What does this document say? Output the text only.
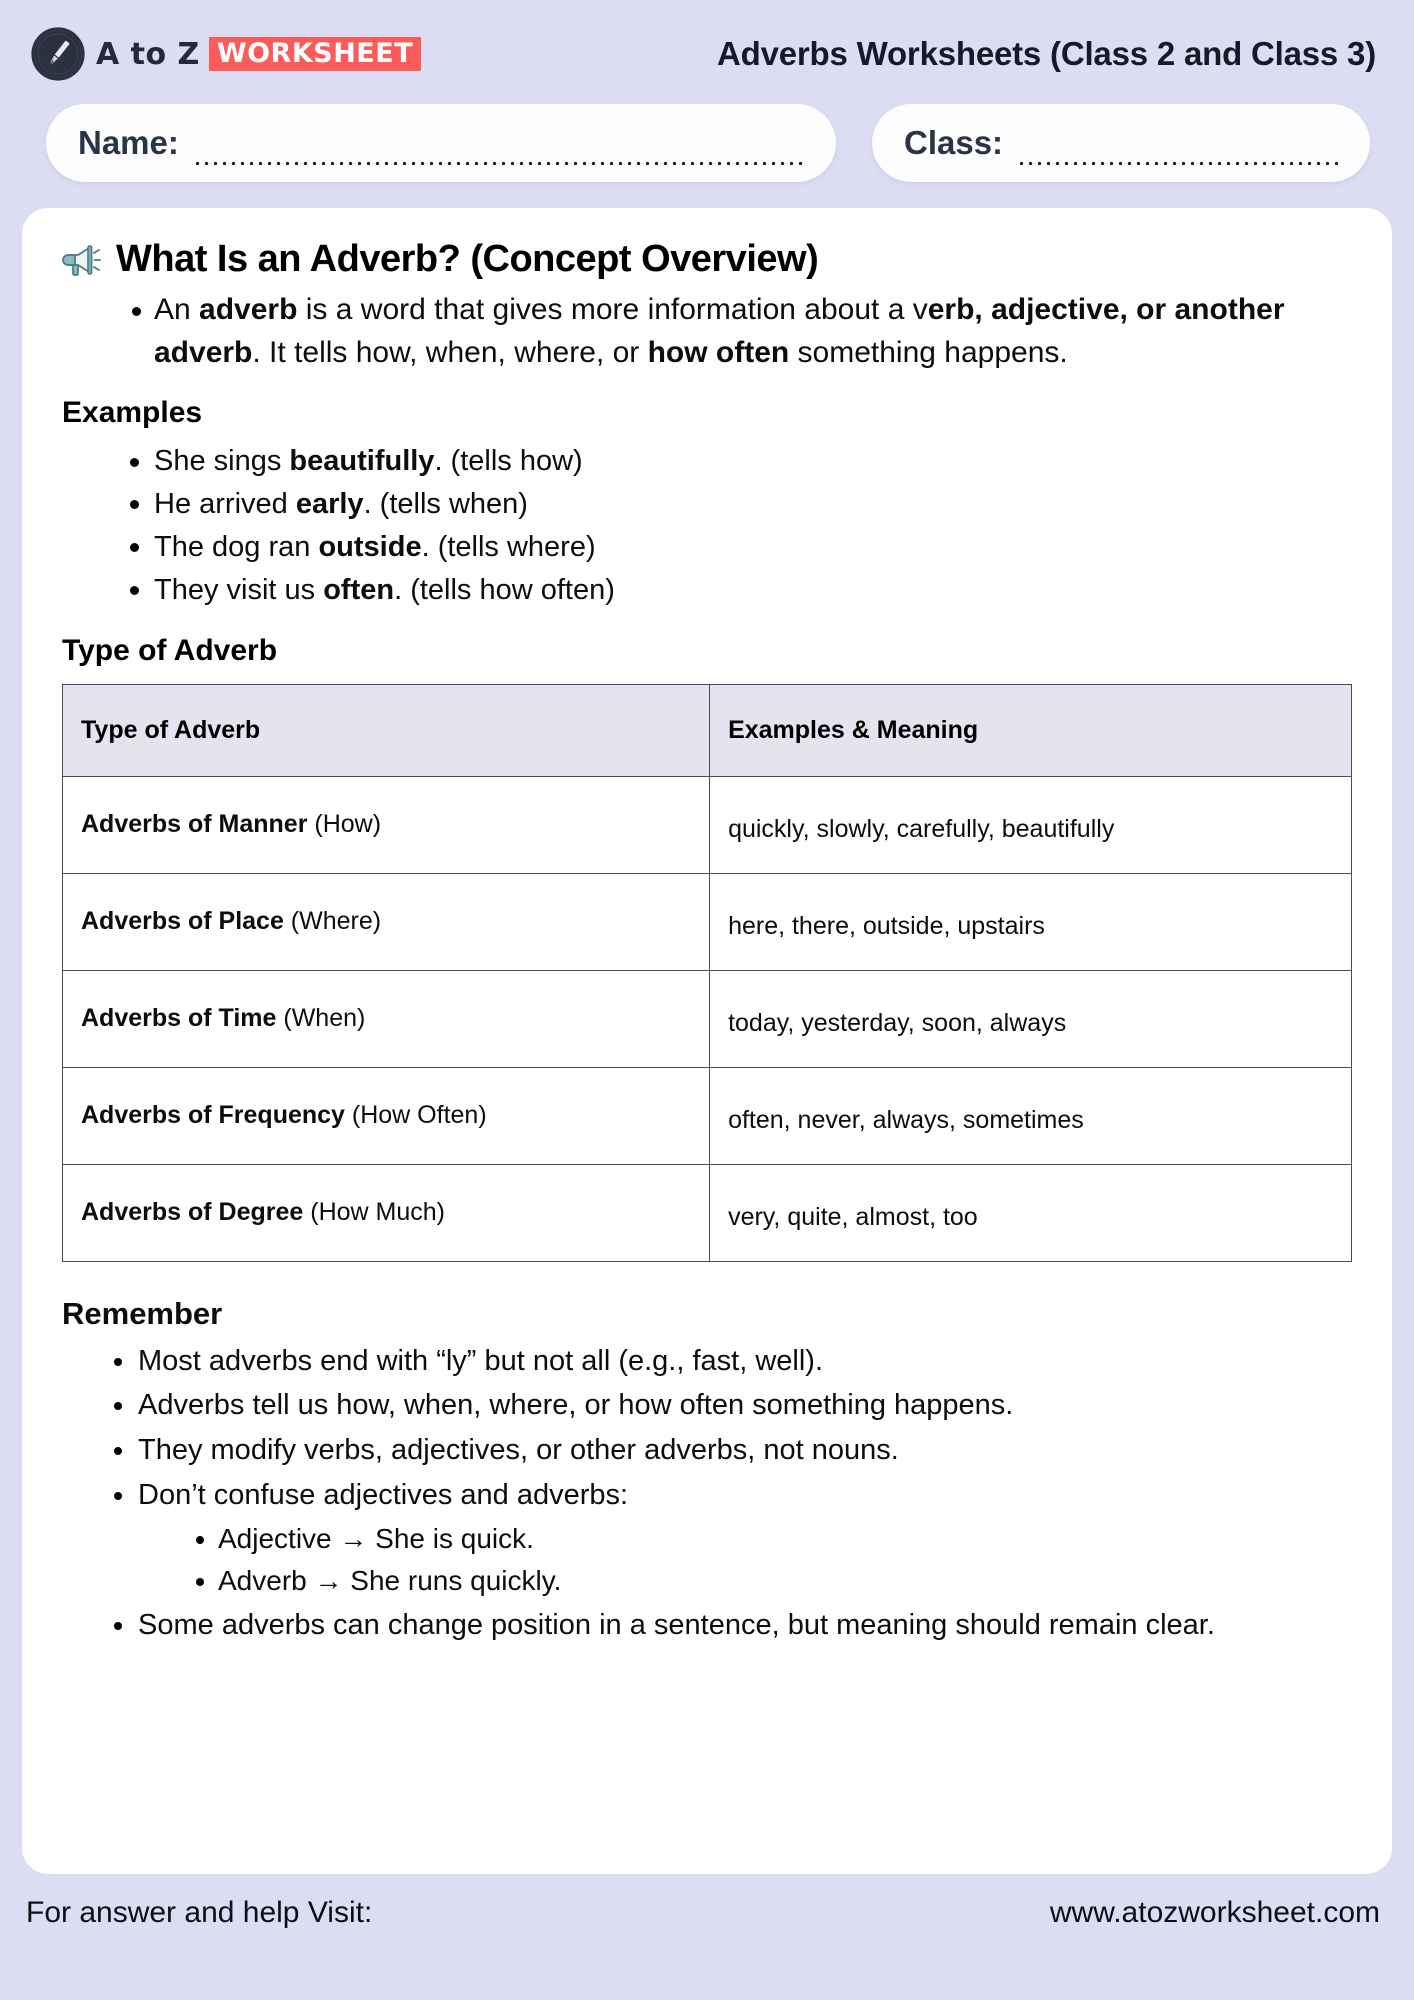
A to Z WORKSHEET	Adverbs Worksheets (Class 2 and Class 3)
Name:	Class:
What Is an Adverb? (Concept Overview)
An adverb is a word that gives more information about a verb, adjective, or another adverb. It tells how, when, where, or how often something happens.
Examples
She sings beautifully. (tells how)
He arrived early. (tells when)
The dog ran outside. (tells where)
They visit us often. (tells how often)
Type of Adverb
Type of Adverb	Examples & Meaning
Adverbs of Manner (How)	quickly, slowly, carefully, beautifully
Adverbs of Place (Where)	here, there, outside, upstairs
Adverbs of Time (When)	today, yesterday, soon, always
Adverbs of Frequency (How Often)	often, never, always, sometimes
Adverbs of Degree (How Much)	very, quite, almost, too
Remember
Most adverbs end with “ly” but not all (e.g., fast, well).
Adverbs tell us how, when, where, or how often something happens.
They modify verbs, adjectives, or other adverbs, not nouns.
Don’t confuse adjectives and adverbs:
Adjective → She is quick.
Adverb → She runs quickly.
Some adverbs can change position in a sentence, but meaning should remain clear.
For answer and help Visit:	www.atozworksheet.com
